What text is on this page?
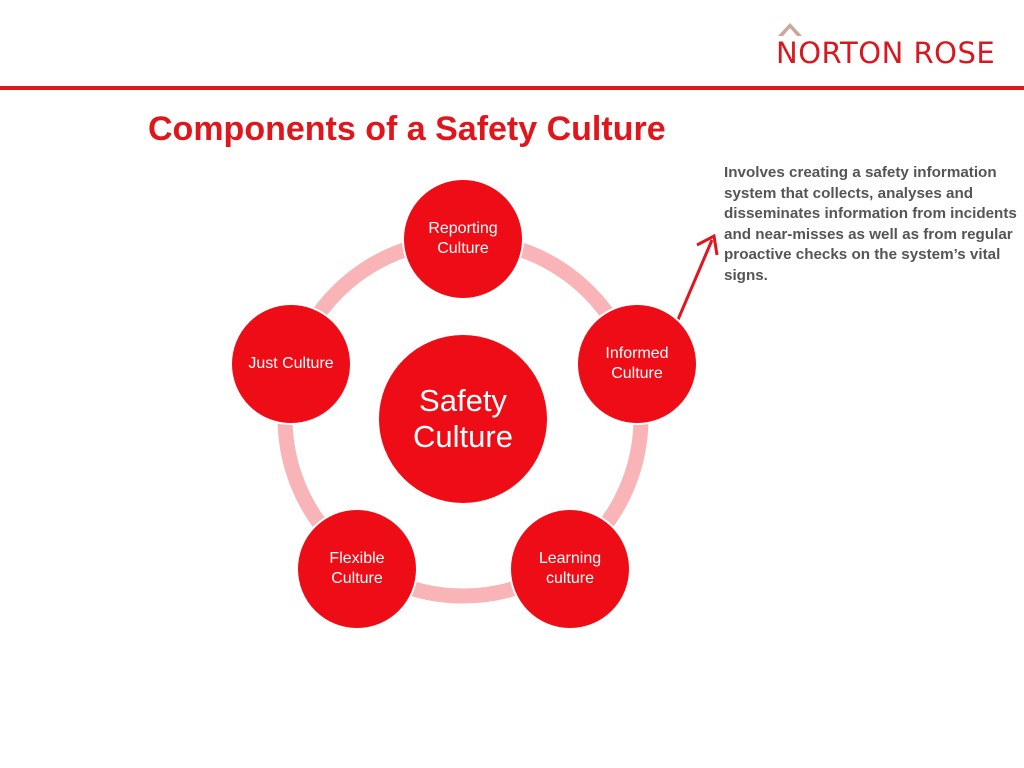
NORTON ROSE
Components of a Safety Culture
Reporting Culture
Informed Culture
Learning culture
Flexible Culture
Just Culture
Safety Culture
Involves creating a safety information system that collects, analyses and disseminates information from incidents and near-misses as well as from regular proactive checks on the system’s vital signs.
